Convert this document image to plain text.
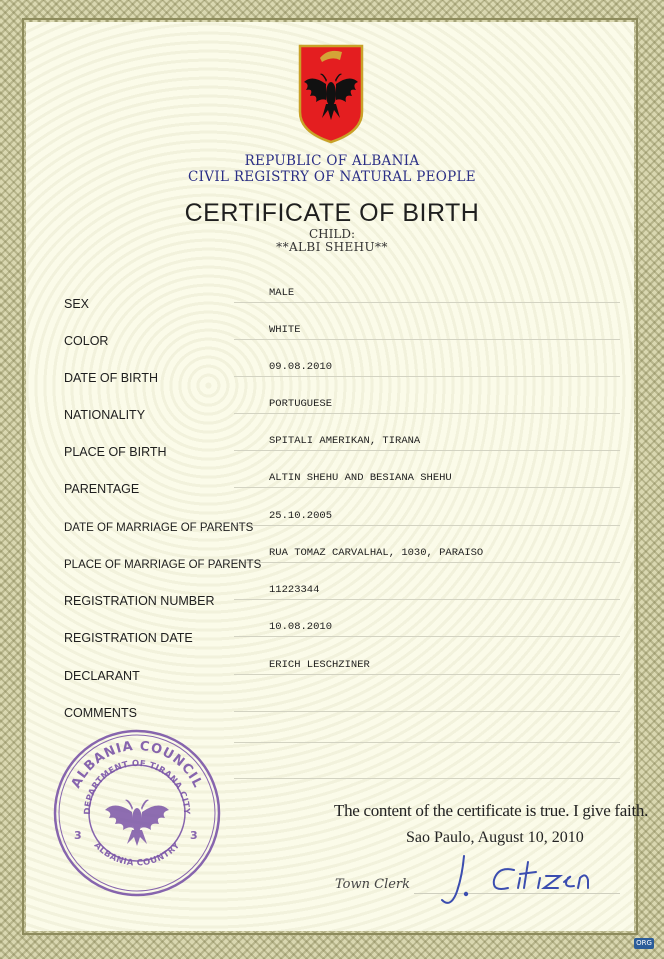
REPUBLIC OF ALBANIA
CIVIL REGISTRY OF NATURAL PEOPLE
CERTIFICATE OF BIRTH
CHILD:
**ALBI SHEHU**
SEX
MALE
COLOR
WHITE
DATE OF BIRTH
09.08.2010
NATIONALITY
PORTUGUESE
PLACE OF BIRTH
SPITALI AMERIKAN, TIRANA
PARENTAGE
ALTIN SHEHU AND BESIANA SHEHU
DATE OF MARRIAGE OF PARENTS
25.10.2005
PLACE OF MARRIAGE OF PARENTS
RUA TOMAZ CARVALHAL, 1030, PARAISO
REGISTRATION NUMBER
11223344
REGISTRATION DATE
10.08.2010
DECLARANT
ERICH LESCHZINER
COMMENTS
ALBANIA COUNCIL
DEPARTMENT OF TIRANA CITY
ALBANIA COUNTRY
3	3
The content of the certificate is true. I give faith.
Sao Paulo, August 10, 2010
Town Clerk
ORG
